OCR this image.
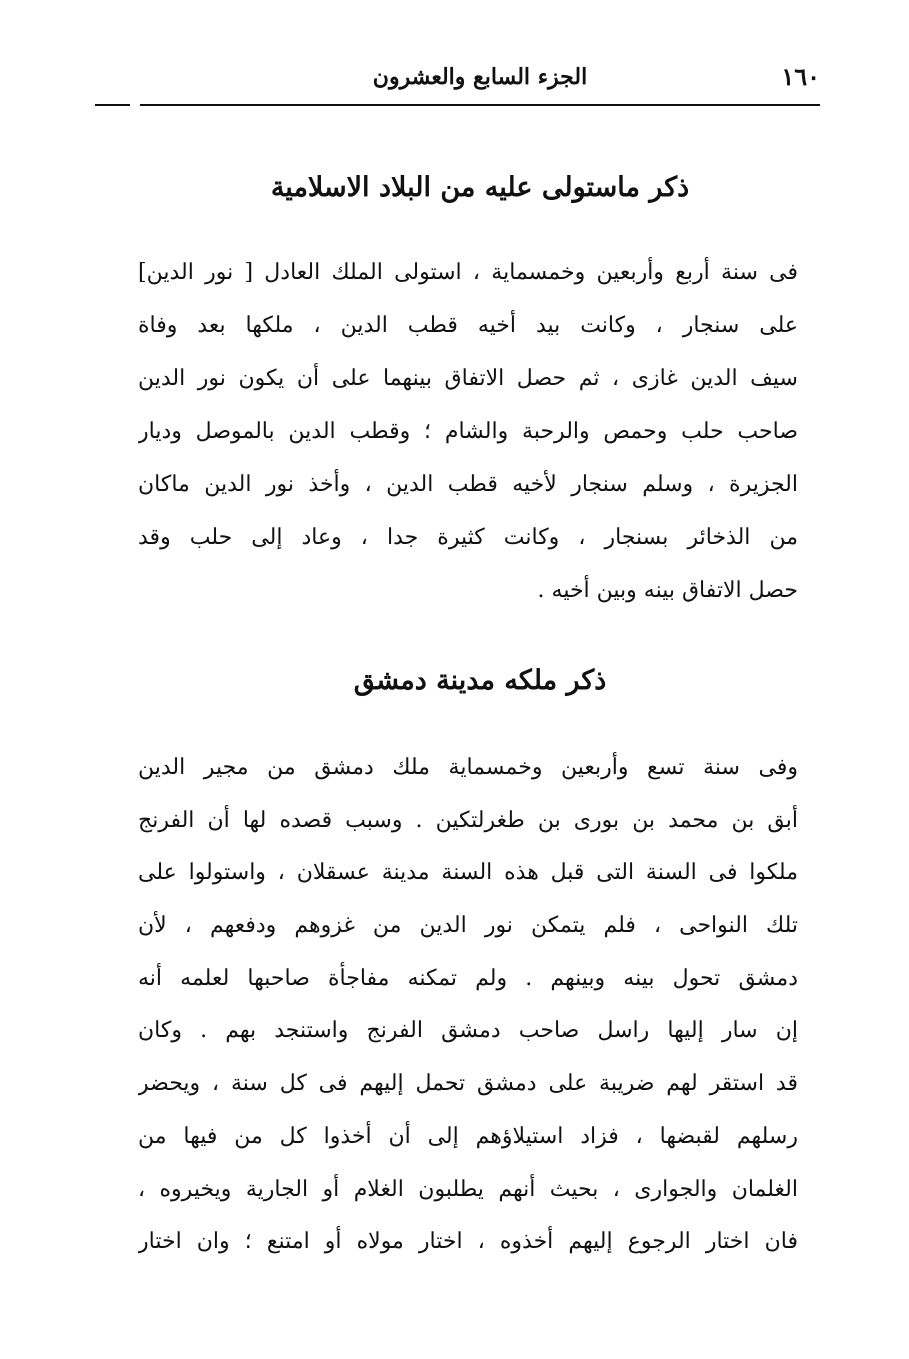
١٦٠
الجزء السابع والعشرون
ذكر ماستولى عليه من البلاد الاسلامية
فى سنة أربع وأربعين وخمسماية ، استولى الملك العادل [ نور الدين]
على سنجار ، وكانت بيد أخيه قطب الدين ، ملكها بعد وفاة
سيف الدين غازى ، ثم حصل الاتفاق بينهما على أن يكون نور الدين
صاحب حلب وحمص والرحبة والشام ؛ وقطب الدين بالموصل وديار
الجزيرة ، وسلم سنجار لأخيه قطب الدين ، وأخذ نور الدين ماكان
من الذخائر بسنجار ، وكانت كثيرة جدا ، وعاد إلى حلب وقد
حصل الاتفاق بينه وبين أخيه .
ذكر ملكه مدينة دمشق
وفى سنة تسع وأربعين وخمسماية ملك دمشق من مجير الدين
أبق بن محمد بن بورى بن طغرلتكين . وسبب قصده لها أن الفرنج
ملكوا فى السنة التى قبل هذه السنة مدينة عسقلان ، واستولوا على
تلك النواحى ، فلم يتمكن نور الدين من غزوهم ودفعهم ، لأن
دمشق تحول بينه وبينهم . ولم تمكنه مفاجأة صاحبها لعلمه أنه
إن سار إليها راسل صاحب دمشق الفرنج واستنجد بهم . وكان
قد استقر لهم ضريبة على دمشق تحمل إليهم فى كل سنة ، ويحضر
رسلهم لقبضها ، فزاد استيلاؤهم إلى أن أخذوا كل من فيها من
الغلمان والجوارى ، بحيث أنهم يطلبون الغلام أو الجارية ويخيروه ،
فان اختار الرجوع إليهم أخذوه ، اختار مولاه أو امتنع ؛ وان اختار
